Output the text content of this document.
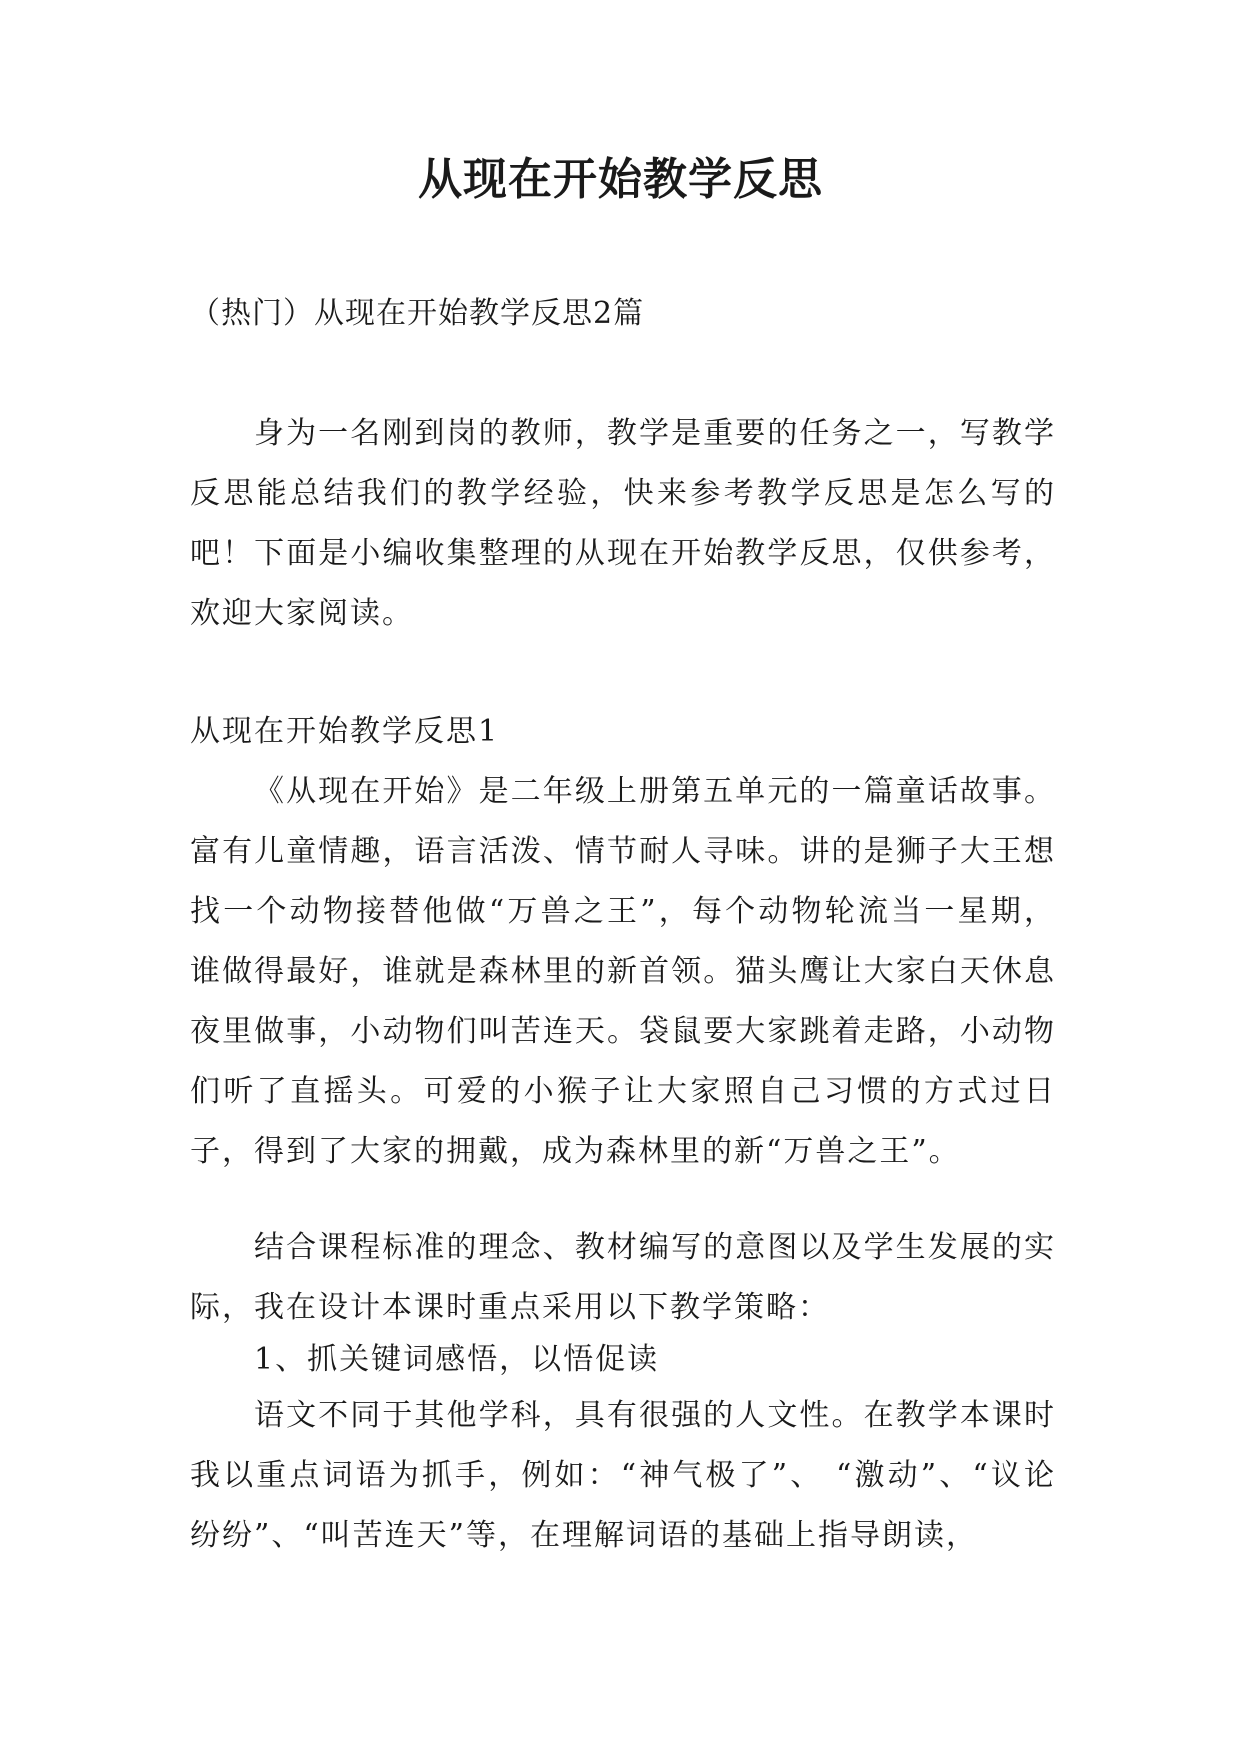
从现在开始教学反思

（热门）从现在开始教学反思2篇

身为一名刚到岗的教师，教学是重要的任务之一，写教学反思能总结我们的教学经验，快来参考教学反思是怎么写的吧！下面是小编收集整理的从现在开始教学反思，仅供参考，欢迎大家阅读。

从现在开始教学反思1

《从现在开始》是二年级上册第五单元的一篇童话故事。富有儿童情趣，语言活泼、情节耐人寻味。讲的是狮子大王想找一个动物接替他做“万兽之王”，每个动物轮流当一星期，谁做得最好，谁就是森林里的新首领。猫头鹰让大家白天休息夜里做事，小动物们叫苦连天。袋鼠要大家跳着走路，小动物们听了直摇头。可爱的小猴子让大家照自己习惯的方式过日子，得到了大家的拥戴，成为森林里的新“万兽之王”。

结合课程标准的理念、教材编写的意图以及学生发展的实际，我在设计本课时重点采用以下教学策略：

1、抓关键词感悟，以悟促读

语文不同于其他学科，具有很强的人文性。在教学本课时我以重点词语为抓手，例如：“神气极了”、 “激动”、“议论纷纷”、“叫苦连天”等，在理解词语的基础上指导朗读，
